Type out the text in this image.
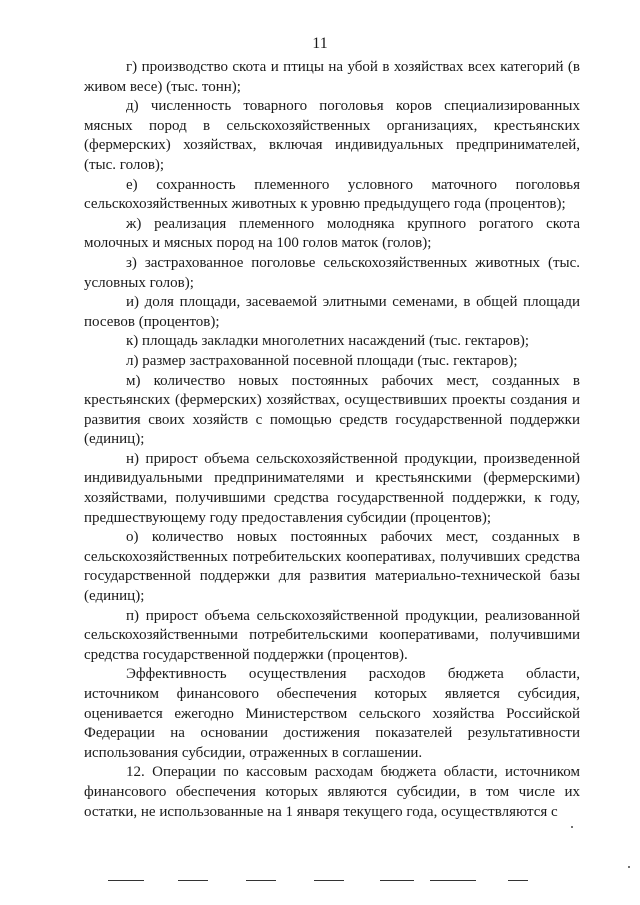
11

г) производство скота и птицы на убой в хозяйствах всех категорий (в живом весе) (тыс. тонн);

д) численность товарного поголовья коров специализированных мясных пород в сельскохозяйственных организациях, крестьянских (фермерских) хозяйствах, включая индивидуальных предпринимателей, (тыс. голов);

е) сохранность племенного условного маточного поголовья сельскохозяйственных животных к уровню предыдущего года (процентов);

ж) реализация племенного молодняка крупного рогатого скота молочных и мясных пород на 100 голов маток (голов);

з) застрахованное поголовье сельскохозяйственных животных (тыс. условных голов);

и) доля площади, засеваемой элитными семенами, в общей площади посевов (процентов);

к) площадь закладки многолетних насаждений (тыс. гектаров);

л) размер застрахованной посевной площади (тыс. гектаров);

м) количество новых постоянных рабочих мест, созданных в крестьянских (фермерских) хозяйствах, осуществивших проекты создания и развития своих хозяйств с помощью средств государственной поддержки (единиц);

н) прирост объема сельскохозяйственной продукции, произведенной индивидуальными предпринимателями и крестьянскими (фермерскими) хозяйствами, получившими средства государственной поддержки, к году, предшествующему году предоставления субсидии (процентов);

о) количество новых постоянных рабочих мест, созданных в сельскохозяйственных потребительских кооперативах, получивших средства государственной поддержки для развития материально-технической базы (единиц);

п) прирост объема сельскохозяйственной продукции, реализованной сельскохозяйственными потребительскими кооперативами, получившими средства государственной поддержки (процентов).

Эффективность осуществления расходов бюджета области, источником финансового обеспечения которых является субсидия, оценивается ежегодно Министерством сельского хозяйства Российской Федерации на основании достижения показателей результативности использования субсидии, отраженных в соглашении.

12. Операции по кассовым расходам бюджета области, источником финансового обеспечения которых являются субсидии, в том числе их остатки, не использованные на 1 января текущего года, осуществляются с
